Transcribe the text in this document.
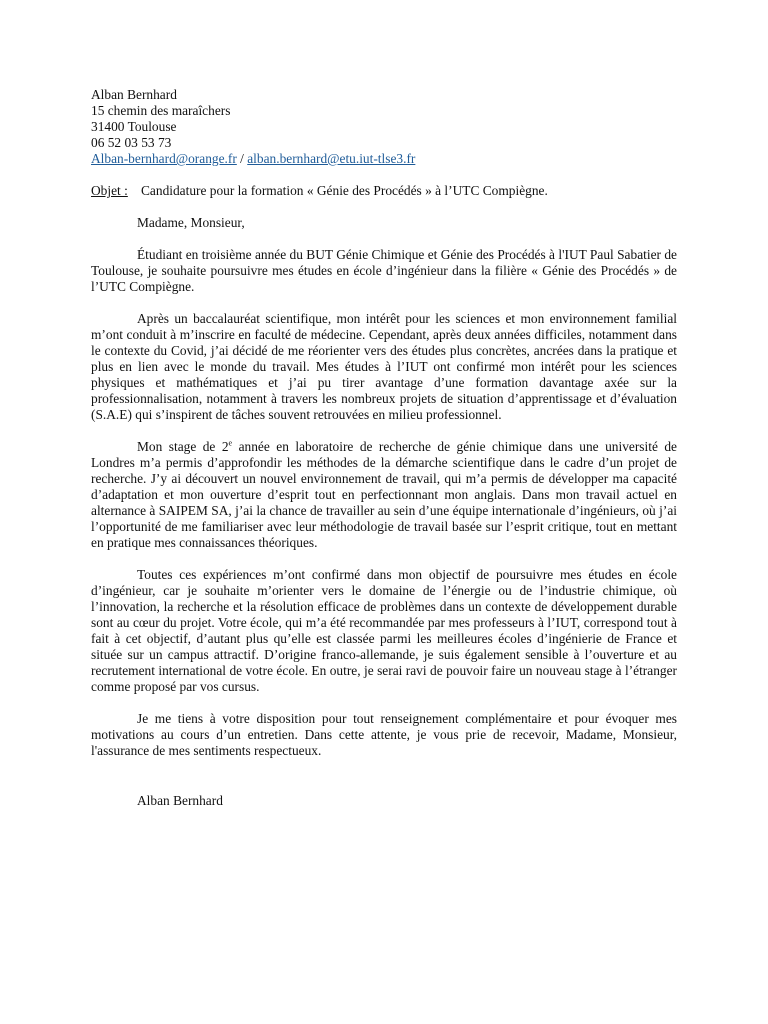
Alban Bernhard
15 chemin des maraîchers
31400 Toulouse
06 52 03 53 73
Alban-bernhard@orange.fr / alban.bernhard@etu.iut-tlse3.fr
Objet : Candidature pour la formation « Génie des Procédés » à l’UTC Compiègne.
Madame, Monsieur,

Étudiant en troisième année du BUT Génie Chimique et Génie des Procédés à l'IUT Paul Sabatier de Toulouse, je souhaite poursuivre mes études en école d’ingénieur dans la filière « Génie des Procédés » de l’UTC Compiègne.

Après un baccalauréat scientifique, mon intérêt pour les sciences et mon environnement familial m’ont conduit à m’inscrire en faculté de médecine. Cependant, après deux années difficiles, notamment dans le contexte du Covid, j’ai décidé de me réorienter vers des études plus concrètes, ancrées dans la pratique et plus en lien avec le monde du travail. Mes études à l’IUT ont confirmé mon intérêt pour les sciences physiques et mathématiques et j’ai pu tirer avantage d’une formation davantage axée sur la professionnalisation, notamment à travers les nombreux projets de situation d’apprentissage et d’évaluation (S.A.E) qui s’inspirent de tâches souvent retrouvées en milieu professionnel.

Mon stage de 2e année en laboratoire de recherche de génie chimique dans une université de Londres m’a permis d’approfondir les méthodes de la démarche scientifique dans le cadre d’un projet de recherche. J’y ai découvert un nouvel environnement de travail, qui m’a permis de développer ma capacité d’adaptation et mon ouverture d’esprit tout en perfectionnant mon anglais. Dans mon travail actuel en alternance à SAIPEM SA, j’ai la chance de travailler au sein d’une équipe internationale d’ingénieurs, où j’ai l’opportunité de me familiariser avec leur méthodologie de travail basée sur l’esprit critique, tout en mettant en pratique mes connaissances théoriques.

Toutes ces expériences m’ont confirmé dans mon objectif de poursuivre mes études en école d’ingénieur, car je souhaite m’orienter vers le domaine de l’énergie ou de l’industrie chimique, où l’innovation, la recherche et la résolution efficace de problèmes dans un contexte de développement durable sont au cœur du projet. Votre école, qui m’a été recommandée par mes professeurs à l’IUT, correspond tout à fait à cet objectif, d’autant plus qu’elle est classée parmi les meilleures écoles d’ingénierie de France et située sur un campus attractif. D’origine franco-allemande, je suis également sensible à l’ouverture et au recrutement international de votre école. En outre, je serai ravi de pouvoir faire un nouveau stage à l’étranger comme proposé par vos cursus.

Je me tiens à votre disposition pour tout renseignement complémentaire et pour évoquer mes motivations au cours d’un entretien. Dans cette attente, je vous prie de recevoir, Madame, Monsieur, l'assurance de mes sentiments respectueux.

Alban Bernhard
